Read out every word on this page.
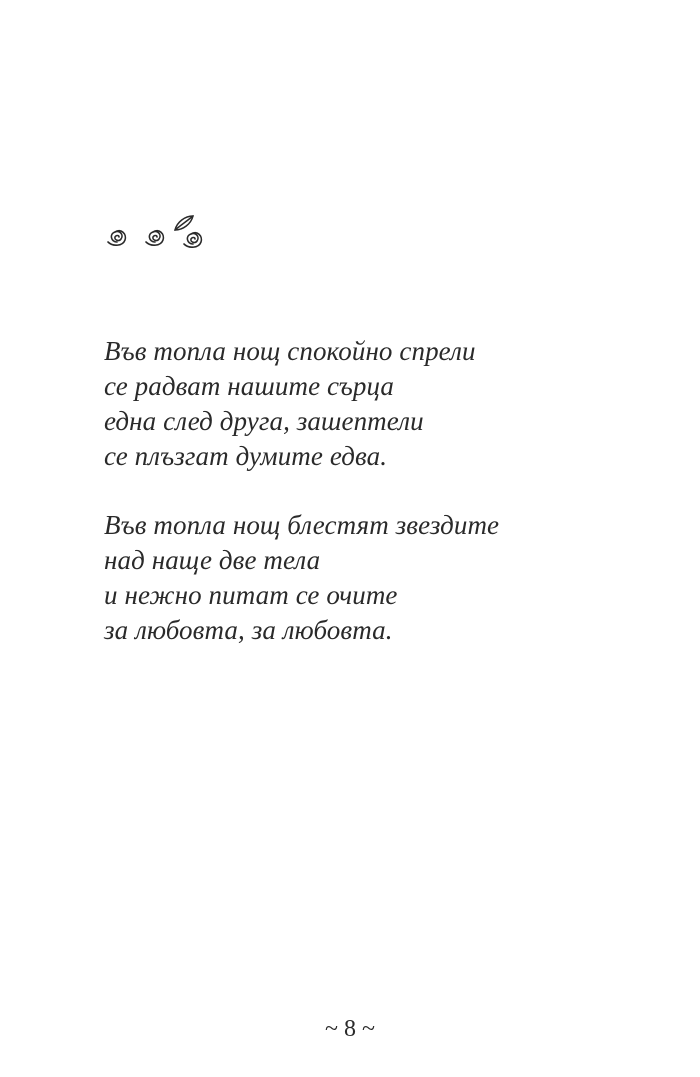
Във топла нощ спокойно спрели
се радват нашите сърца
една след друга, зашептели
се плъзгат думите едва.
Във топла нощ блестят звездите
над наще две тела
и нежно питат се очите
за любовта, за любовта.
~ 8 ~
